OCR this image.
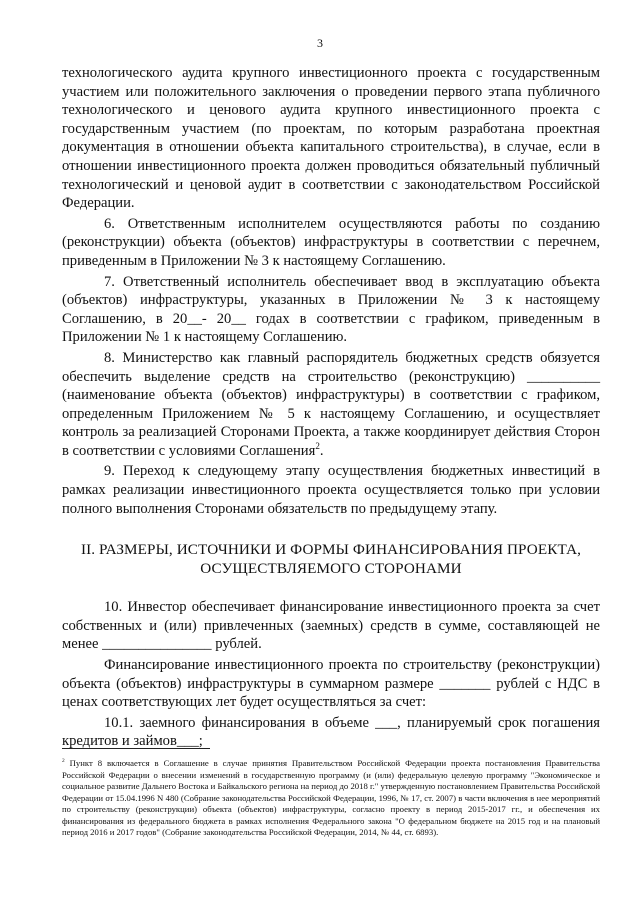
3

технологического аудита крупного инвестиционного проекта с государственным участием или положительного заключения о проведении первого этапа публичного технологического и ценового аудита крупного инвестиционного проекта с государственным участием (по проектам, по которым разработана проектная документация в отношении объекта капитального строительства), в случае, если в отношении инвестиционного проекта должен проводиться обязательный публичный технологический и ценовой аудит в соответствии с законодательством Российской Федерации.

6. Ответственным исполнителем осуществляются работы по созданию (реконструкции) объекта (объектов) инфраструктуры в соответствии с перечнем, приведенным в Приложении № 3 к настоящему Соглашению.

7. Ответственный исполнитель обеспечивает ввод в эксплуатацию объекта (объектов) инфраструктуры, указанных в Приложении № 3 к настоящему Соглашению, в 20__- 20__ годах в соответствии с графиком, приведенным в Приложении № 1 к настоящему Соглашению.

8. Министерство как главный распорядитель бюджетных средств обязуется обеспечить выделение средств на строительство (реконструкцию) __________ (наименование объекта (объектов) инфраструктуры) в соответствии с графиком, определенным Приложением № 5 к настоящему Соглашению, и осуществляет контроль за реализацией Сторонами Проекта, а также координирует действия Сторон в соответствии с условиями Соглашения$^2$.

9. Переход к следующему этапу осуществления бюджетных инвестиций в рамках реализации инвестиционного проекта осуществляется только при условии полного выполнения Сторонами обязательств по предыдущему этапу.

II. РАЗМЕРЫ, ИСТОЧНИКИ И ФОРМЫ ФИНАНСИРОВАНИЯ ПРОЕКТА,
ОСУЩЕСТВЛЯЕМОГО СТОРОНАМИ

10. Инвестор обеспечивает финансирование инвестиционного проекта за счет собственных и (или) привлеченных (заемных) средств в сумме, составляющей не менее _______________ рублей.

Финансирование инвестиционного проекта по строительству (реконструкции) объекта (объектов) инфраструктуры в суммарном размере _______ рублей с НДС в ценах соответствующих лет будет осуществляться за счет:

10.1. заемного финансирования в объеме ___, планируемый срок погашения кредитов и займов___;

$^2$ Пункт 8 включается в Соглашение в случае принятия Правительством Российской Федерации проекта постановления Правительства Российской Федерации о внесении изменений в государственную программу (и (или) федеральную целевую программу "Экономическое и социальное развитие Дальнего Востока и Байкальского региона на период до 2018 г." утвержденную постановлением Правительства Российской Федерации от 15.04.1996 N 480 (Собрание законодательства Российской Федерации, 1996, № 17, ст. 2007) в части включения в нее мероприятий по строительству (реконструкции) объекта (объектов) инфраструктуры, согласно проекту в период 2015-2017 гг., и обеспечения их финансирования из федерального бюджета в рамках исполнения Федерального закона "О федеральном бюджете на 2015 год и на плановый период 2016 и 2017 годов" (Собрание законодательства Российской Федерации, 2014, № 44, ст. 6893).
